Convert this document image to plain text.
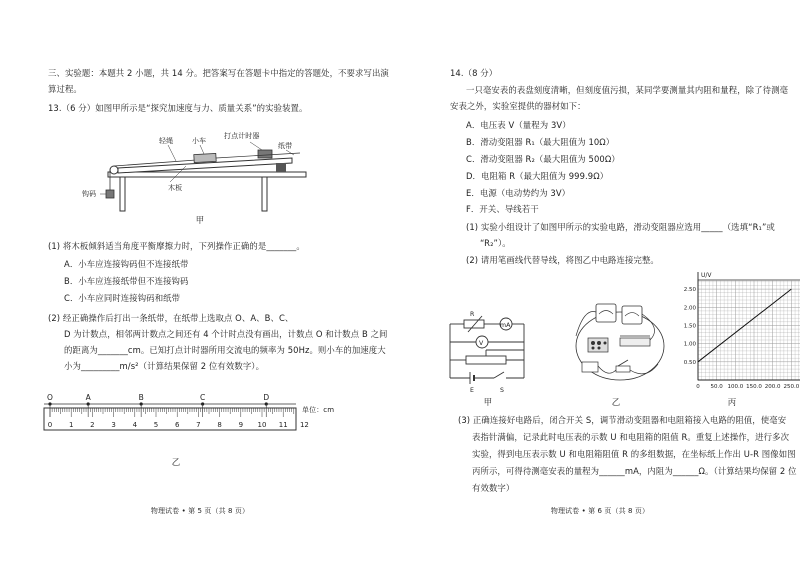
三、实验题：本题共 2 小题，共 14 分。把答案写在答题卡中指定的答题处，不要求写出演
算过程。
13.（6 分）如图甲所示是“探究加速度与力、质量关系”的实验装置。
轻绳	小车
打点计时器
纸带
钩码
木板
甲
(1) 将木板倾斜适当角度平衡摩擦力时，下列操作正确的是_______。
A．小车应连接钩码但不连接纸带
B．小车应连接纸带但不连接钩码
C．小车应同时连接钩码和纸带
(2) 经正确操作后打出一条纸带，在纸带上选取点 O、A、B、C、
D 为计数点，相邻两计数点之间还有 4 个计时点没有画出，计数点 O 和计数点 B 之间
的距离为_______cm。已知打点计时器所用交流电的频率为 50Hz。则小车的加速度大
小为_________m/s²（计算结果保留 2 位有效数字）。
0 1 2 3 4 5 6 7 8 9 10 11 12
O	A	B	C	D
单位：cm
乙
物理试卷 • 第 5 页（共 8 页）
14.（8 分）
一只毫安表的表盘刻度清晰，但刻度值污损，某同学要测量其内阻和量程，除了待测毫
安表之外，实验室提供的器材如下：
A．电压表 V（量程为 3V）
B．滑动变阻器 R₁（最大阻值为 10Ω）
C．滑动变阻器 R₂（最大阻值为 500Ω）
D．电阻箱 R（最大阻值为 999.9Ω）
E．电源（电动势约为 3V）
F．开关、导线若干
(1) 实验小组设计了如图甲所示的实验电路，滑动变阻器应选用_____（选填“R₁”或
“R₂”）。
(2) 请用笔画线代替导线，将图乙中电路连接完整。
R
mA
V
E	S
甲	乙
0.50
1.00
1.50
2.00
2.50
0 50.0 100.0 150.0 200.0 250.0
U/V
丙
(3) 正确连接好电路后，闭合开关 S，调节滑动变阻器和电阻箱接入电路的阻值，使毫安
表指针满偏，记录此时电压表的示数 U 和电阻箱的阻值 R。重复上述操作，进行多次
实验，得到电压表示数 U 和电阻箱阻值 R 的多组数据，在坐标纸上作出 U-R 图像如图
丙所示，可得待测毫安表的量程为______mA，内阻为______Ω。（计算结果均保留 2 位
有效数字）
物理试卷 • 第 6 页（共 8 页）
